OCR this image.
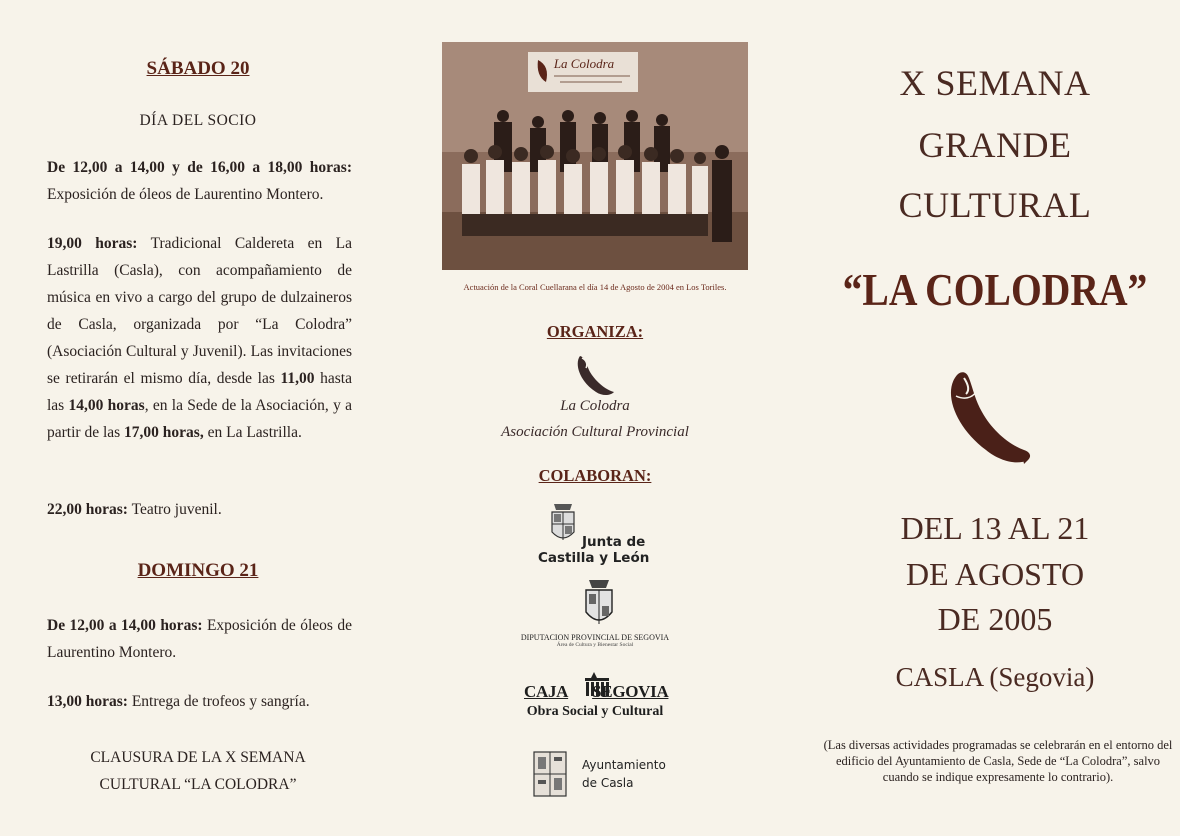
SÁBADO 20
DÍA DEL SOCIO
De 12,00 a 14,00 y de 16,00 a 18,00 horas: Exposición de óleos de Laurentino Montero.
19,00 horas: Tradicional Caldereta en La Lastrilla (Casla), con acompañamiento de música en vivo a cargo del grupo de dulzaineros de Casla, organizada por “La Colodra” (Asociación Cultural y Juvenil). Las invitaciones se retirarán el mismo día, desde las 11,00 hasta las 14,00 horas, en la Sede de la Asociación, y a partir de las 17,00 horas, en La Lastrilla.
22,00 horas: Teatro juvenil.
DOMINGO 21
De 12,00 a 14,00 horas: Exposición de óleos de Laurentino Montero.
13,00 horas: Entrega de trofeos y sangría.
CLAUSURA DE LA X SEMANA
CULTURAL “LA COLODRA”
La Colodra
Actuación de la Coral Cuellarana el día 14 de Agosto de 2004 en Los Toriles.
ORGANIZA:
La Colodra
Asociación Cultural Provincial
COLABORAN:
Junta de
Castilla y León
DIPUTACION PROVINCIAL DE SEGOVIA
Área de Cultura y Bienestar Social
CAJA SEGOVIA
Obra Social y Cultural
Ayuntamiento
de Casla
X SEMANA
GRANDE
CULTURAL
“LA COLODRA”
DEL 13 AL 21
DE AGOSTO
DE 2005
CASLA (Segovia)
(Las diversas actividades programadas se celebrarán en el entorno del edificio del Ayuntamiento de Casla, Sede de “La Colodra”, salvo cuando se indique expresamente lo contrario).
